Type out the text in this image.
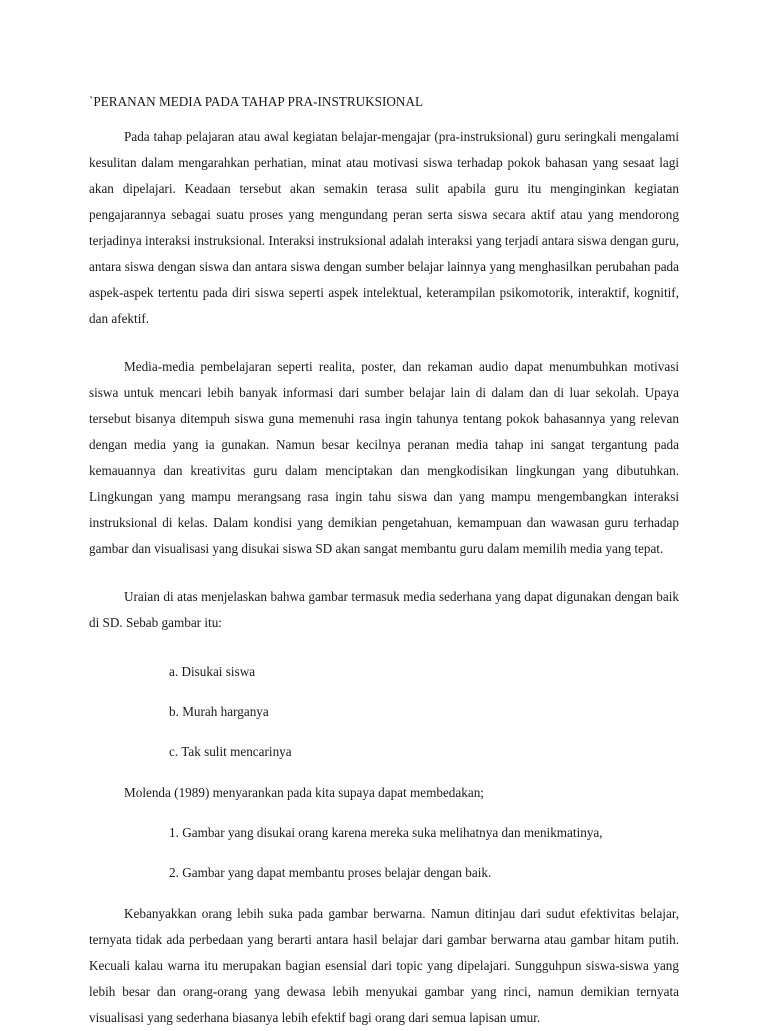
`PERANAN MEDIA PADA TAHAP PRA-INSTRUKSIONAL

Pada tahap pelajaran atau awal kegiatan belajar-mengajar (pra-instruksional) guru seringkali mengalami kesulitan dalam mengarahkan perhatian, minat atau motivasi siswa terhadap pokok bahasan yang sesaat lagi akan dipelajari. Keadaan tersebut akan semakin terasa sulit apabila guru itu menginginkan kegiatan pengajarannya sebagai suatu proses yang mengundang peran serta siswa secara aktif atau yang mendorong terjadinya interaksi instruksional. Interaksi instruksional adalah interaksi yang terjadi antara siswa dengan guru, antara siswa dengan siswa dan antara siswa dengan sumber belajar lainnya yang menghasilkan perubahan pada aspek-aspek tertentu pada diri siswa seperti aspek intelektual, keterampilan psikomotorik, interaktif, kognitif, dan afektif.

Media-media pembelajaran seperti realita, poster, dan rekaman audio dapat menumbuhkan motivasi siswa untuk mencari lebih banyak informasi dari sumber belajar lain di dalam dan di luar sekolah. Upaya tersebut bisanya ditempuh siswa guna memenuhi rasa ingin tahunya tentang pokok bahasannya yang relevan dengan media yang ia gunakan. Namun besar kecilnya peranan media tahap ini sangat tergantung pada kemauannya dan kreativitas guru dalam menciptakan dan mengkodisikan lingkungan yang dibutuhkan. Lingkungan yang mampu merangsang rasa ingin tahu siswa dan yang mampu mengembangkan interaksi instruksional di kelas. Dalam kondisi yang demikian pengetahuan, kemampuan dan wawasan guru terhadap gambar dan visualisasi yang disukai siswa SD akan sangat membantu guru dalam memilih media yang tepat.

Uraian di atas menjelaskan bahwa gambar termasuk media sederhana yang dapat digunakan dengan baik di SD. Sebab gambar itu:

a. Disukai siswa

b. Murah harganya

c. Tak sulit mencarinya

Molenda (1989) menyarankan pada kita supaya dapat membedakan;

1. Gambar yang disukai orang karena mereka suka melihatnya dan menikmatinya,

2. Gambar yang dapat membantu proses belajar dengan baik.

Kebanyakkan orang lebih suka pada gambar berwarna. Namun ditinjau dari sudut efektivitas belajar, ternyata tidak ada perbedaan yang berarti antara hasil belajar dari gambar berwarna atau gambar hitam putih. Kecuali kalau warna itu merupakan bagian esensial dari topic yang dipelajari. Sungguhpun siswa-siswa yang lebih besar dan orang-orang yang dewasa lebih menyukai gambar yang rinci, namun demikian ternyata visualisasi yang sederhana biasanya lebih efektif bagi orang dari semua lapisan umur.
